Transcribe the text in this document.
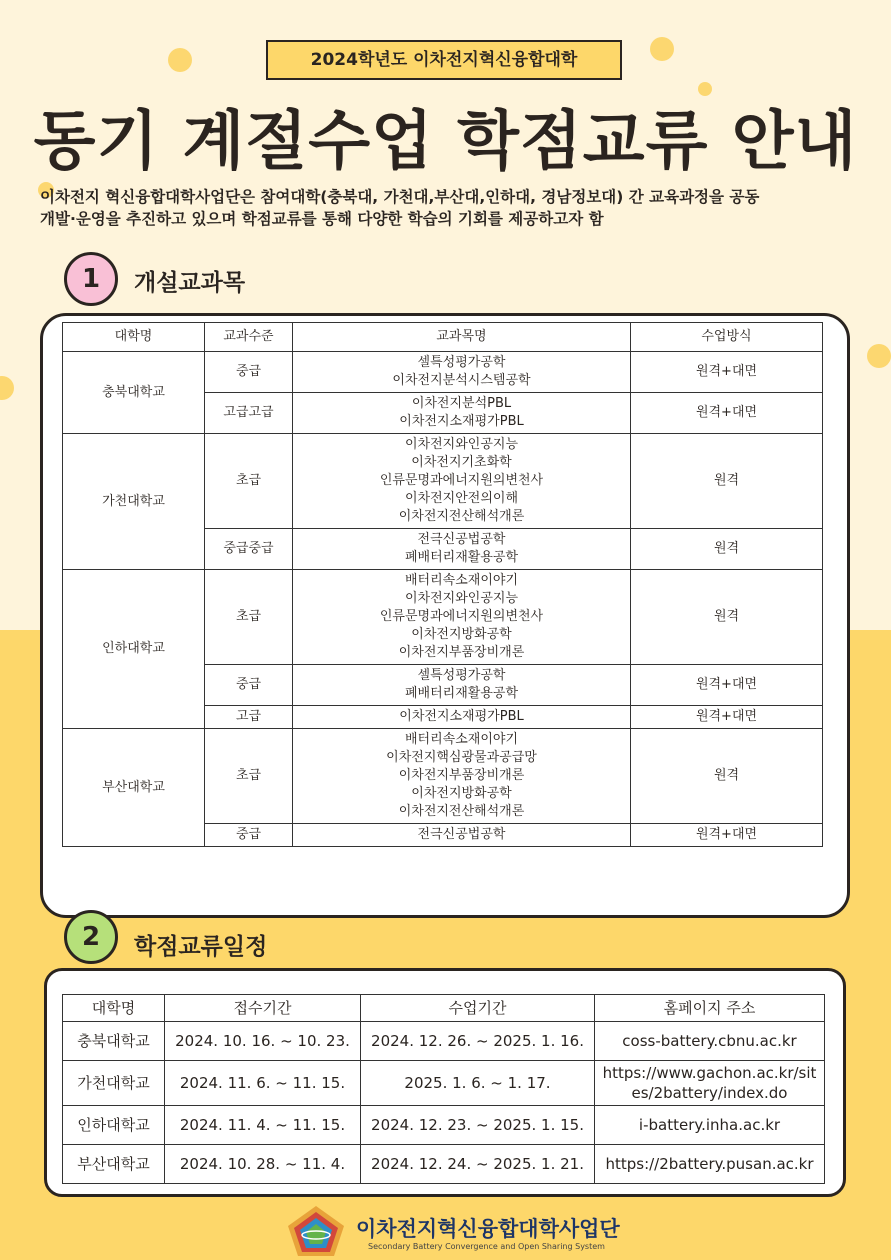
2024학년도 이차전지혁신융합대학
동기 계절수업 학점교류 안내
이차전지 혁신융합대학사업단은 참여대학(충북대, 가천대,부산대,인하대, 경남정보대) 간 교육과정을 공동
개발·운영을 추진하고 있으며 학점교류를 통해 다양한 학습의 기회를 제공하고자 함
1	개설교과목
대학명	교과수준	교과목명	수업방식
충북대학교	중급	셀특성평가공학
이차전지분석시스템공학	원격+대면
	고급고급	이차전지분석PBL
이차전지소재평가PBL	원격+대면
가천대학교	초급	이차전지와인공지능
이차전지기초화학
인류문명과에너지원의변천사
이차전지안전의이해
이차전지전산해석개론	원격
	중급중급	전극신공법공학
폐배터리재활용공학	원격
인하대학교	초급	배터리속소재이야기
이차전지와인공지능
인류문명과에너지원의변천사
이차전지방화공학
이차전지부품장비개론	원격
	중급	셀특성평가공학
폐배터리재활용공학	원격+대면
	고급	이차전지소재평가PBL	원격+대면
부산대학교	초급	배터리속소재이야기
이차전지핵심광물과공급망
이차전지부품장비개론
이차전지방화공학
이차전지전산해석개론	원격
	중급	전극신공법공학	원격+대면
2	학점교류일정
대학명	접수기간	수업기간	홈페이지 주소
충북대학교	2024. 10. 16. ~ 10. 23.	2024. 12. 26. ~ 2025. 1. 16.	coss-battery.cbnu.ac.kr
가천대학교	2024. 11. 6. ~ 11. 15.	2025. 1. 6. ~ 1. 17.	https://www.gachon.ac.kr/sites/2battery/index.do
인하대학교	2024. 11. 4. ~ 11. 15.	2024. 12. 23. ~ 2025. 1. 15.	i-battery.inha.ac.kr
부산대학교	2024. 10. 28. ~ 11. 4.	2024. 12. 24. ~ 2025. 1. 21.	https://2battery.pusan.ac.kr
이차전지혁신융합대학사업단
Secondary Battery Convergence and Open Sharing System
